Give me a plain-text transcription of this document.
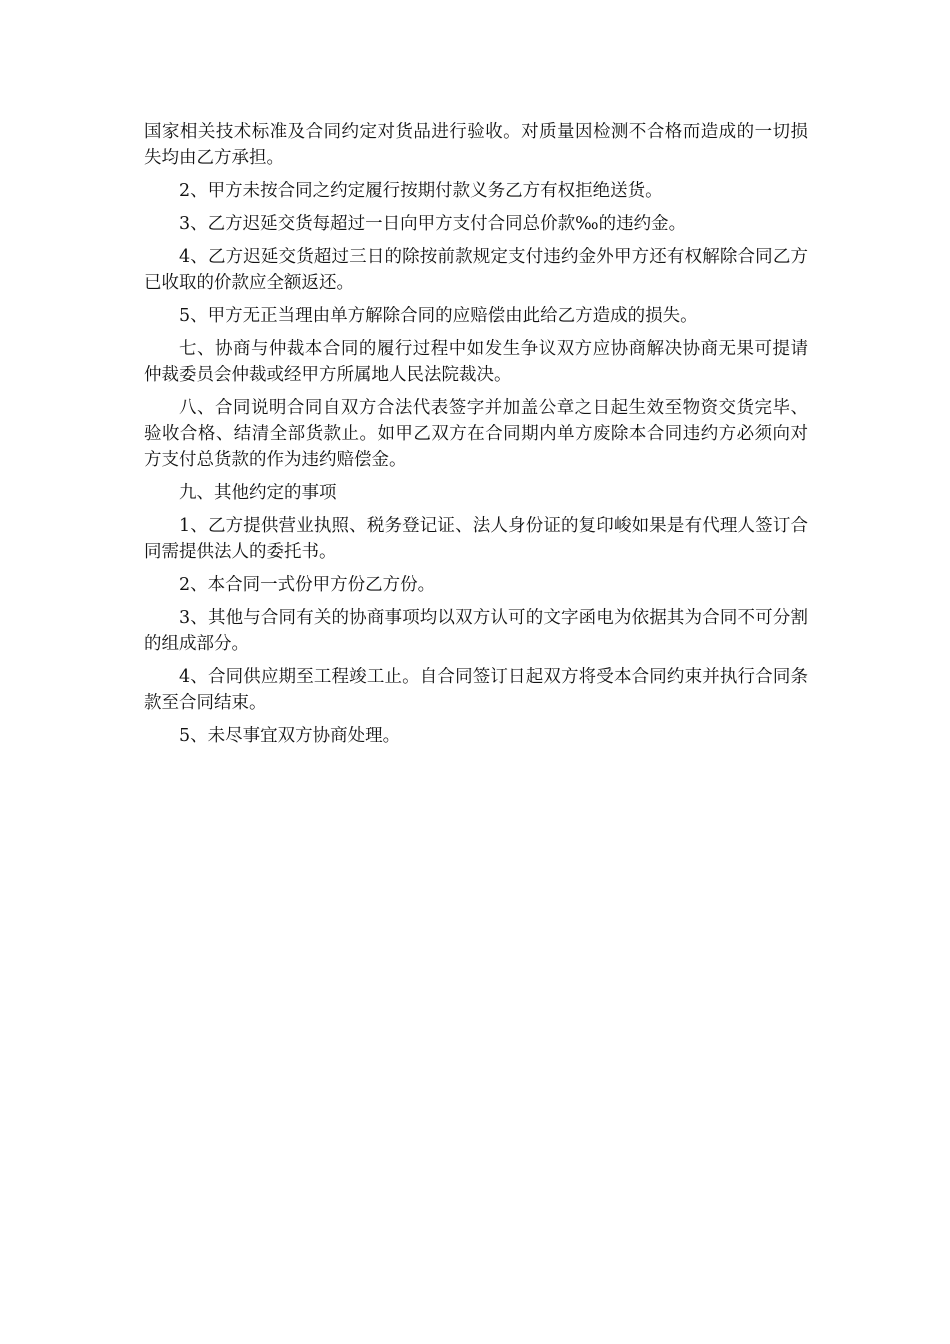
国家相关技术标准及合同约定对货品进行验收。对质量因检测不合格而造成的一切损失均由乙方承担。

2、甲方未按合同之约定履行按期付款义务乙方有权拒绝送货。

3、乙方迟延交货每超过一日向甲方支付合同总价款‰的违约金。

4、乙方迟延交货超过三日的除按前款规定支付违约金外甲方还有权解除合同乙方已收取的价款应全额返还。

5、甲方无正当理由单方解除合同的应赔偿由此给乙方造成的损失。

七、协商与仲裁本合同的履行过程中如发生争议双方应协商解决协商无果可提请仲裁委员会仲裁或经甲方所属地人民法院裁决。

八、合同说明合同自双方合法代表签字并加盖公章之日起生效至物资交货完毕、验收合格、结清全部货款止。如甲乙双方在合同期内单方废除本合同违约方必须向对方支付总货款的作为违约赔偿金。

九、其他约定的事项

1、乙方提供营业执照、税务登记证、法人身份证的复印峻如果是有代理人签订合同需提供法人的委托书。

2、本合同一式份甲方份乙方份。

3、其他与合同有关的协商事项均以双方认可的文字函电为依据其为合同不可分割的组成部分。

4、合同供应期至工程竣工止。自合同签订日起双方将受本合同约束并执行合同条款至合同结束。

5、未尽事宜双方协商处理。
